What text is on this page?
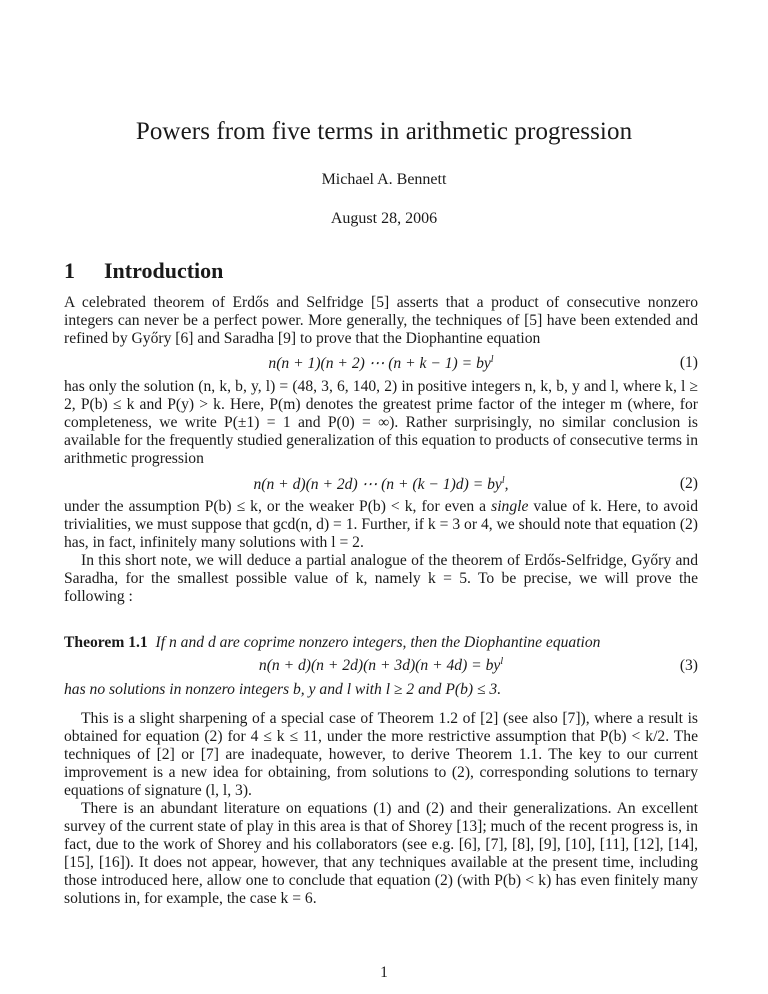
Powers from five terms in arithmetic progression
Michael A. Bennett
August 28, 2006
1 Introduction

A celebrated theorem of Erdős and Selfridge [5] asserts that a product of consecutive nonzero integers can never be a perfect power. More generally, the techniques of [5] have been extended and refined by Győry [6] and Saradha [9] to prove that the Diophantine equation

n(n + 1)(n + 2) ⋯ $(n + k - 1) = by^l$	(1)

has only the solution (n, k, b, y, l) = (48, 3, 6, 140, 2) in positive integers n, k, b, y and l, where k, l ≥ 2, P(b) ≤ k and P(y) > k. Here, P(m) denotes the greatest prime factor of the integer m (where, for completeness, we write P(±1) = 1 and P(0) = ∞). Rather surprisingly, no similar conclusion is available for the frequently studied generalization of this equation to products of consecutive terms in arithmetic progression

n(n + d)(n + 2d) ⋯ $(n + (k - 1)d) = by^l$,	(2)

under the assumption P(b) ≤ k, or the weaker P(b) < k, for even a single value of k. Here, to avoid trivialities, we must suppose that gcd(n, d) = 1. Further, if k = 3 or 4, we should note that equation (2) has, in fact, infinitely many solutions with l = 2.

In this short note, we will deduce a partial analogue of the theorem of Erdős-Selfridge, Győry and Saradha, for the smallest possible value of k, namely k = 5. To be precise, we will prove the following :

Theorem 1.1 If n and d are coprime nonzero integers, then the Diophantine equation

$n(n + d)(n + 2d)(n + 3d)(n + 4d) = by^l$	(3)

has no solutions in nonzero integers b, y and l with l ≥ 2 and P(b) ≤ 3.

This is a slight sharpening of a special case of Theorem 1.2 of [2] (see also [7]), where a result is obtained for equation (2) for 4 ≤ k ≤ 11, under the more restrictive assumption that P(b) < k/2. The techniques of [2] or [7] are inadequate, however, to derive Theorem 1.1. The key to our current improvement is a new idea for obtaining, from solutions to (2), corresponding solutions to ternary equations of signature (l, l, 3).

There is an abundant literature on equations (1) and (2) and their generalizations. An excellent survey of the current state of play in this area is that of Shorey [13]; much of the recent progress is, in fact, due to the work of Shorey and his collaborators (see e.g. [6], [7], [8], [9], [10], [11], [12], [14], [15], [16]). It does not appear, however, that any techniques available at the present time, including those introduced here, allow one to conclude that equation (2) (with P(b) < k) has even finitely many solutions in, for example, the case k = 6.

1
